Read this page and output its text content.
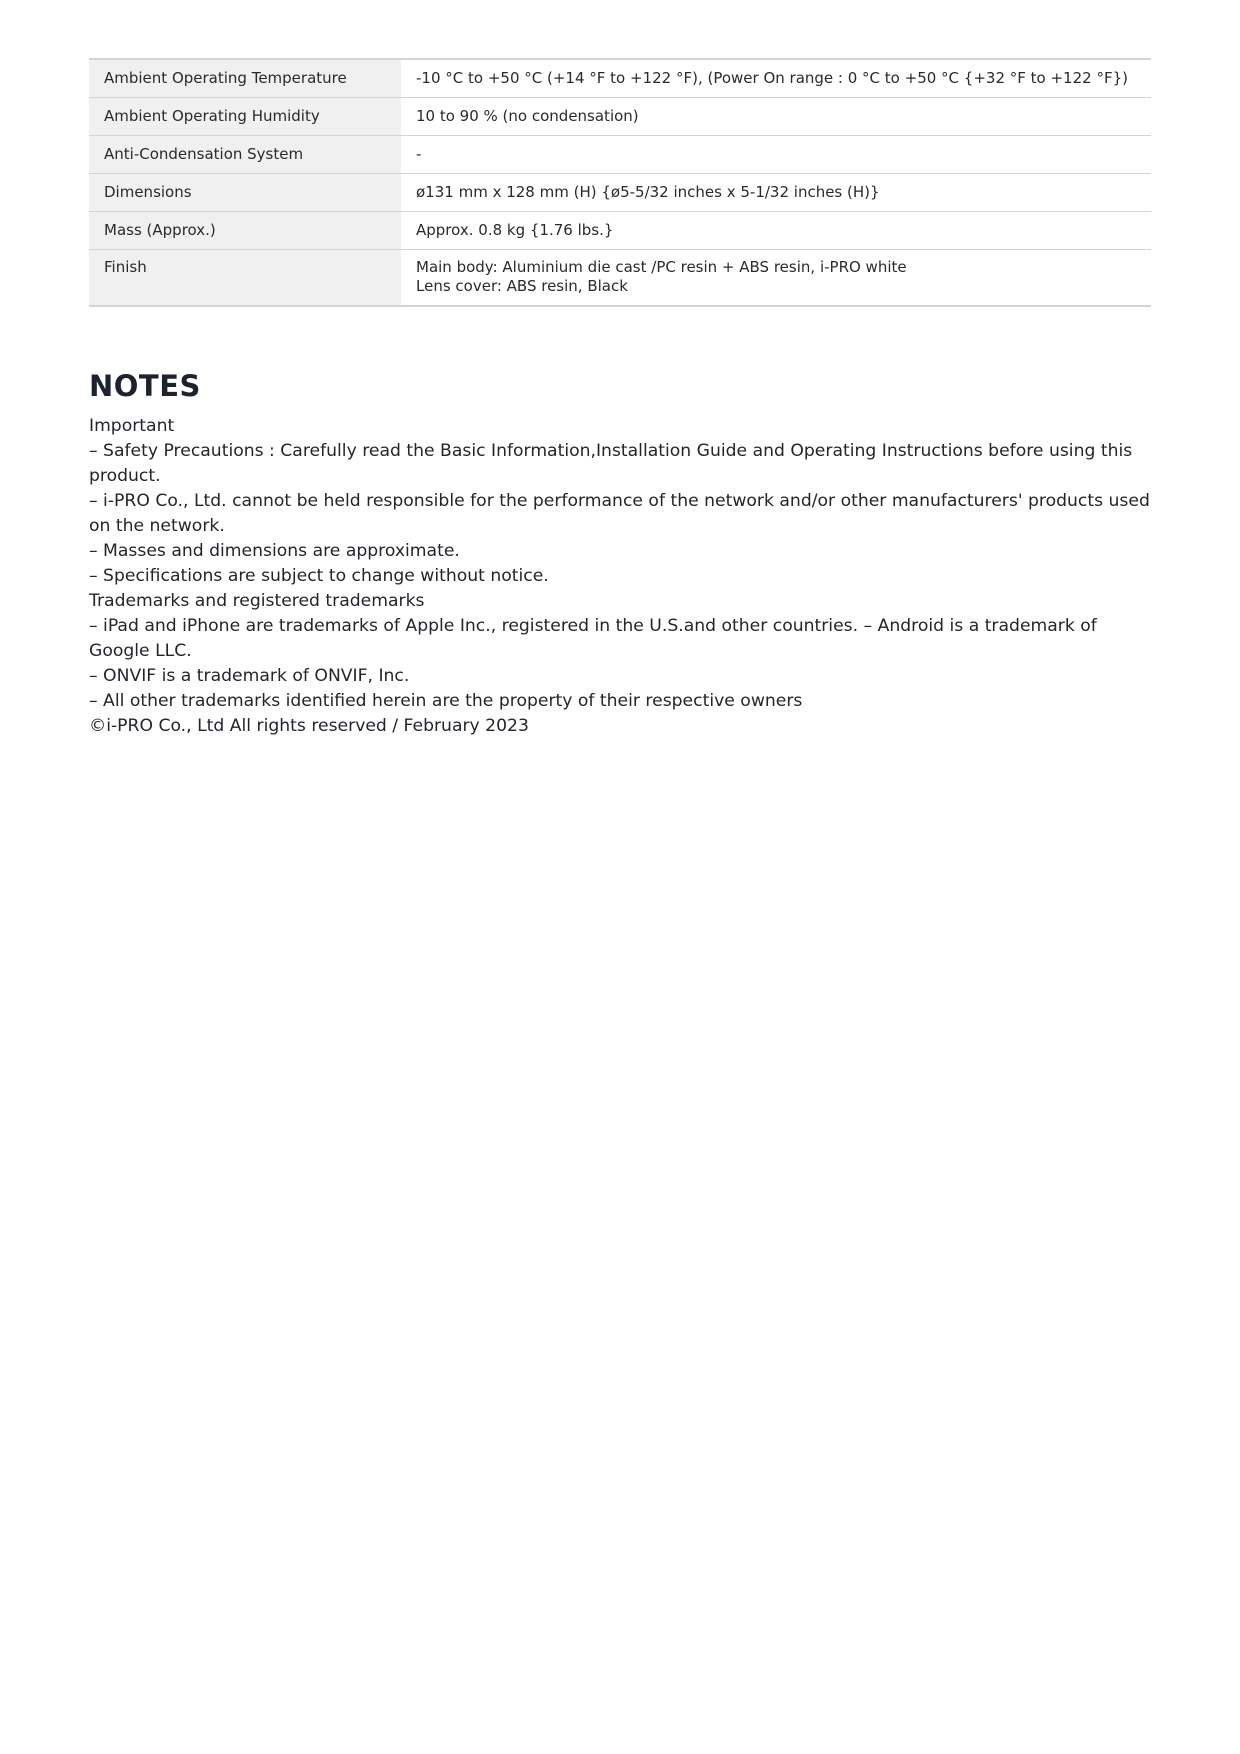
Ambient Operating Temperature	-10 °C to +50 °C (+14 °F to +122 °F), (Power On range : 0 °C to +50 °C {+32 °F to +122 °F})

Ambient Operating Humidity	10 to 90 % (no condensation)

Anti-Condensation System	-

Dimensions	ø131 mm x 128 mm (H) {ø5-5/32 inches x 5-1/32 inches (H)}

Mass (Approx.)	Approx. 0.8 kg {1.76 lbs.}

Finish	Main body: Aluminium die cast /PC resin + ABS resin, i-PRO white
Lens cover: ABS resin, Black
NOTES
Important
– Safety Precautions : Carefully read the Basic Information,Installation Guide and Operating Instructions before using this product.
– i-PRO Co., Ltd. cannot be held responsible for the performance of the network and/or other manufacturers' products used on the network.
– Masses and dimensions are approximate.
– Specifications are subject to change without notice.
Trademarks and registered trademarks
– iPad and iPhone are trademarks of Apple Inc., registered in the U.S.and other countries. – Android is a trademark of Google LLC.
– ONVIF is a trademark of ONVIF, Inc.
– All other trademarks identified herein are the property of their respective owners
©i-PRO Co., Ltd All rights reserved / February 2023
